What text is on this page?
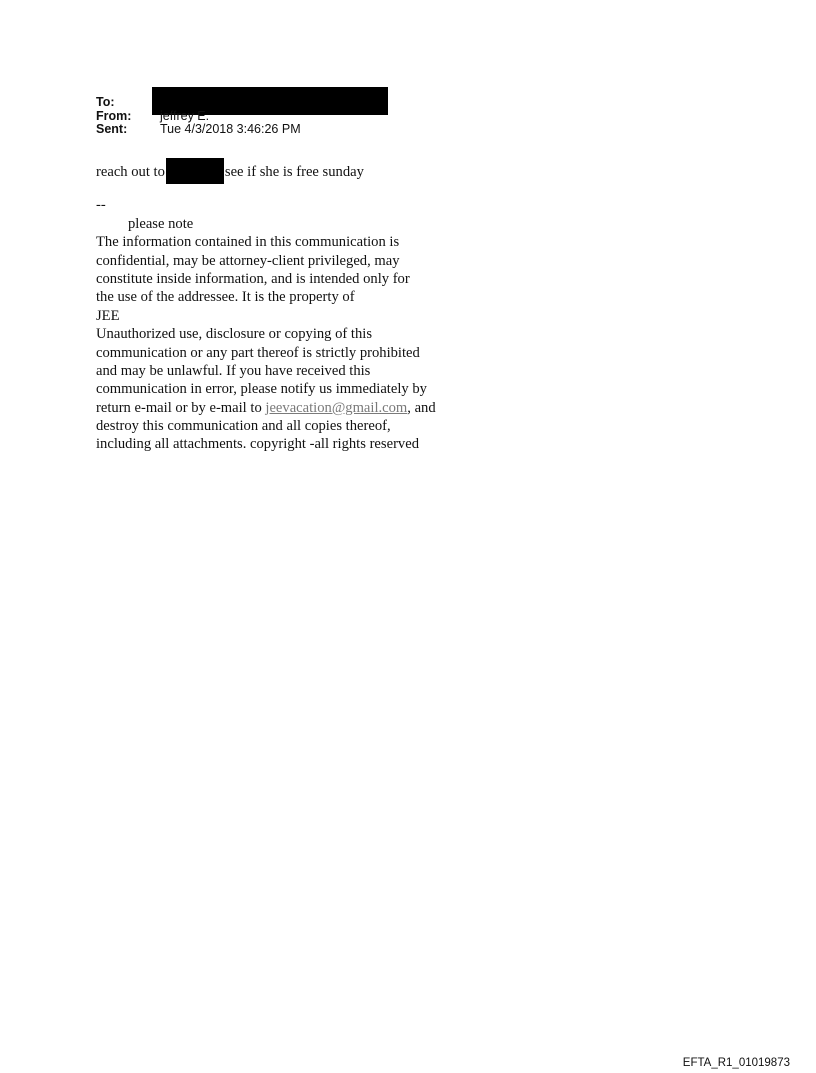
To:
From: jeffrey E.
Sent:	Tue 4/3/2018 3:46:26 PM
reach out to	see if she is free sunday
--
please note
The information contained in this communication is
confidential, may be attorney-client privileged, may
constitute inside information, and is intended only for
the use of the addressee. It is the property of
JEE
Unauthorized use, disclosure or copying of this
communication or any part thereof is strictly prohibited
and may be unlawful. If you have received this
communication in error, please notify us immediately by
return e-mail or by e-mail to jeevacation@gmail.com, and
destroy this communication and all copies thereof,
including all attachments. copyright -all rights reserved
EFTA_R1_01019873
